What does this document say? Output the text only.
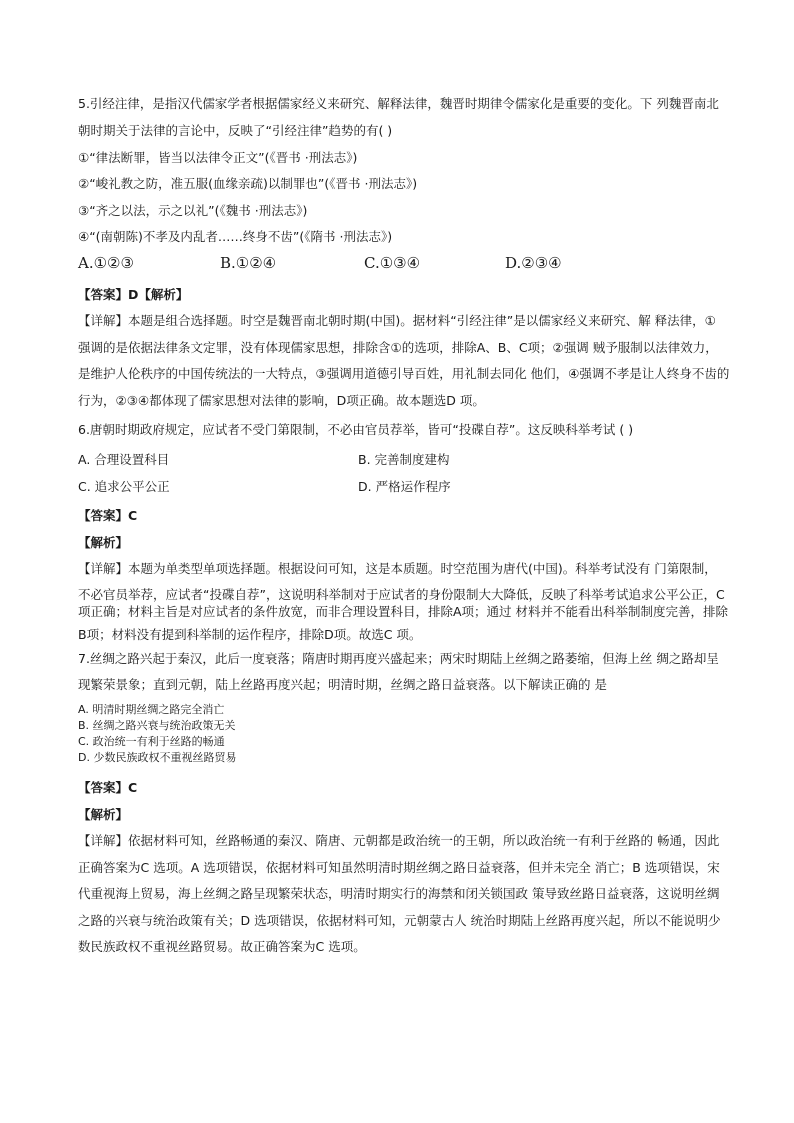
5.引经注律，是指汉代儒家学者根据儒家经义来研究、解释法律，魏晋时期律令儒家化是重要的变化。下 列魏晋南北
朝时期关于法律的言论中，反映了“引经注律”趋势的有( )
①“律法断罪，皆当以法律令正文”(《晋书 ·刑法志》)
②“峻礼教之防，准五服(血缘亲疏)以制罪也”(《晋书 ·刑法志》)
③“齐之以法，示之以礼”(《魏书 ·刑法志》)
④“(南朝陈)不孝及内乱者……终身不齿”(《隋书 ·刑法志》)
A.①②③	B.①②④	C.①③④	D.②③④
【答案】D【解析】
【详解】本题是组合选择题。时空是魏晋南北朝时期(中国)。据材料“引经注律”是以儒家经义来研究、解 释法律，①
强调的是依据法律条文定罪，没有体现儒家思想，排除含①的选项，排除A、B、C项；②强调 贼予服制以法律效力，
是维护人伦秩序的中国传统法的一大特点，③强调用道德引导百姓，用礼制去同化 他们，④强调不孝是让人终身不齿的
行为，②③④都体现了儒家思想对法律的影响，D项正确。故本题选D 项。
6.唐朝时期政府规定，应试者不受门第限制，不必由官员荐举，皆可“投碟自荐”。这反映科举考试 ( )
A. 合理设置科目	B. 完善制度建构
C. 追求公平公正	D. 严格运作程序
【答案】C
【解析】
【详解】本题为单类型单项选择题。根据设问可知，这是本质题。时空范围为唐代(中国)。科举考试没有 门第限制，
不必官员举荐，应试者“投碟自荐”，这说明科举制对于应试者的身份限制大大降低，反映了科举考试追求公平公正，C
项正确；材料主旨是对应试者的条件放宽，而非合理设置科目，排除A项；通过 材料并不能看出科举制制度完善，排除
B项；材料没有提到科举制的运作程序，排除D项。故选C 项。
7.丝绸之路兴起于秦汉，此后一度衰落；隋唐时期再度兴盛起来；两宋时期陆上丝绸之路萎缩，但海上丝 绸之路却呈
现繁荣景象；直到元朝，陆上丝路再度兴起；明清时期，丝绸之路日益衰落。以下解读正确的 是
A. 明清时期丝绸之路完全消亡
B. 丝绸之路兴衰与统治政策无关
C. 政治统一有利于丝路的畅通
D. 少数民族政权不重视丝路贸易
【答案】C
【解析】
【详解】依据材料可知，丝路畅通的秦汉、隋唐、元朝都是政治统一的王朝，所以政治统一有利于丝路的 畅通，因此
正确答案为C 选项。A 选项错误，依据材料可知虽然明清时期丝绸之路日益衰落，但并未完全 消亡；B 选项错误，宋
代重视海上贸易，海上丝绸之路呈现繁荣状态，明清时期实行的海禁和闭关锁国政 策导致丝路日益衰落，这说明丝绸
之路的兴衰与统治政策有关；D 选项错误，依据材料可知，元朝蒙古人 统治时期陆上丝路再度兴起，所以不能说明少
数民族政权不重视丝路贸易。故正确答案为C 选项。
